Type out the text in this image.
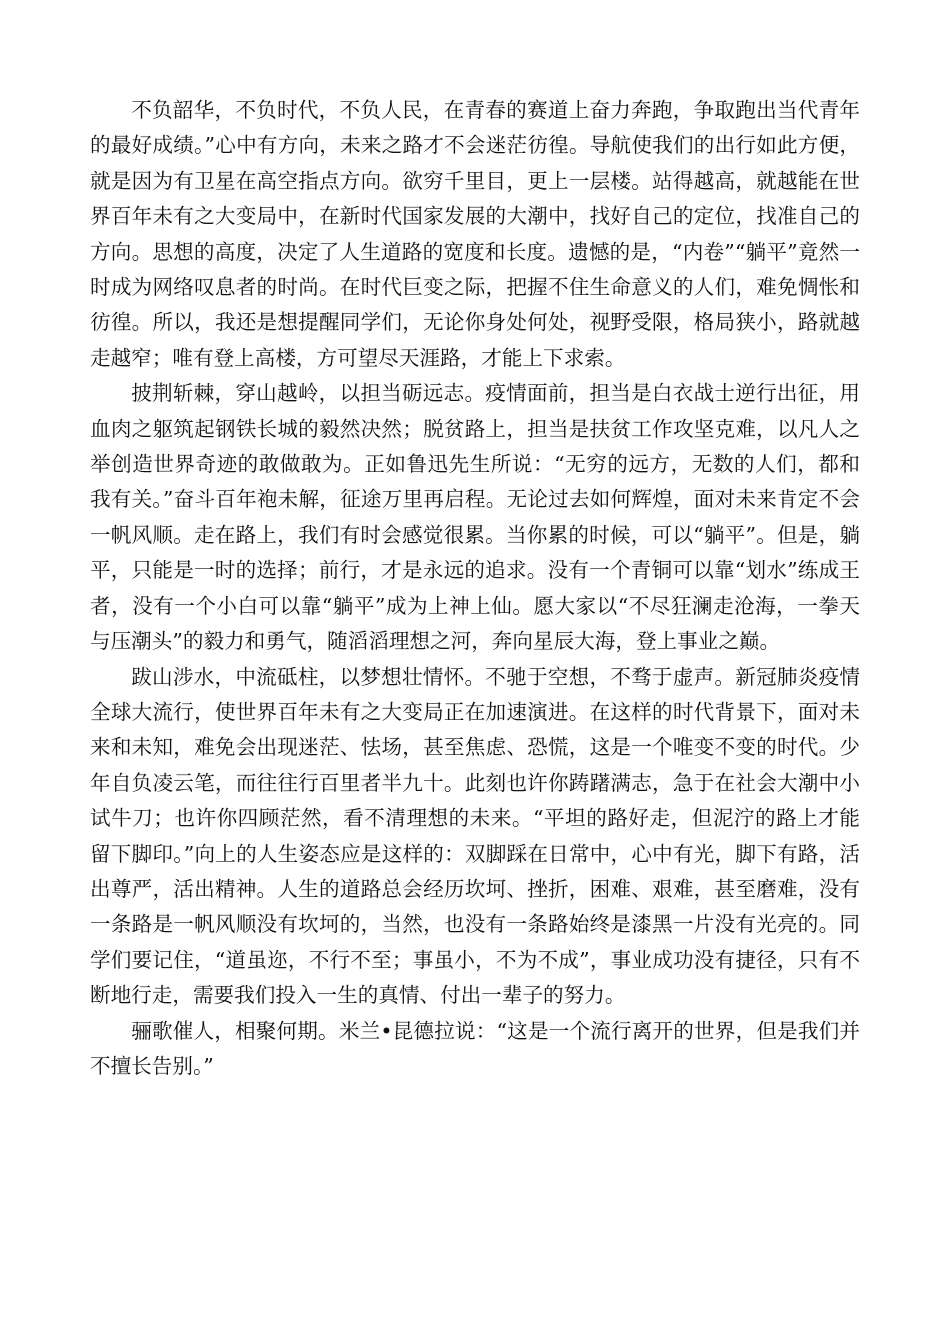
不负韶华，不负时代，不负人民，在青春的赛道上奋力奔跑，争取跑出当代青年的最好成绩。”心中有方向，未来之路才不会迷茫彷徨。导航使我们的出行如此方便，就是因为有卫星在高空指点方向。欲穷千里目，更上一层楼。站得越高，就越能在世界百年未有之大变局中，在新时代国家发展的大潮中，找好自己的定位，找准自己的方向。思想的高度，决定了人生道路的宽度和长度。遗憾的是，“内卷”“躺平”竟然一时成为网络叹息者的时尚。在时代巨变之际，把握不住生命意义的人们，难免惆怅和彷徨。所以，我还是想提醒同学们，无论你身处何处，视野受限，格局狭小，路就越走越窄；唯有登上高楼，方可望尽天涯路，才能上下求索。

披荆斩棘，穿山越岭，以担当砺远志。疫情面前，担当是白衣战士逆行出征，用血肉之躯筑起钢铁长城的毅然决然；脱贫路上，担当是扶贫工作攻坚克难，以凡人之举创造世界奇迹的敢做敢为。正如鲁迅先生所说：“无穷的远方，无数的人们，都和我有关。”奋斗百年袍未解，征途万里再启程。无论过去如何辉煌，面对未来肯定不会一帆风顺。走在路上，我们有时会感觉很累。当你累的时候，可以“躺平”。但是，躺平，只能是一时的选择；前行，才是永远的追求。没有一个青铜可以靠“划水”练成王者，没有一个小白可以靠“躺平”成为上神上仙。愿大家以“不尽狂澜走沧海，一拳天与压潮头”的毅力和勇气，随滔滔理想之河，奔向星辰大海，登上事业之巅。

跋山涉水，中流砥柱，以梦想壮情怀。不驰于空想，不骛于虚声。新冠肺炎疫情全球大流行，使世界百年未有之大变局正在加速演进。在这样的时代背景下，面对未来和未知，难免会出现迷茫、怯场，甚至焦虑、恐慌，这是一个唯变不变的时代。少年自负凌云笔，而往往行百里者半九十。此刻也许你踌躇满志，急于在社会大潮中小试牛刀；也许你四顾茫然，看不清理想的未来。“平坦的路好走，但泥泞的路上才能留下脚印。”向上的人生姿态应是这样的：双脚踩在日常中，心中有光，脚下有路，活出尊严，活出精神。人生的道路总会经历坎坷、挫折，困难、艰难，甚至磨难，没有一条路是一帆风顺没有坎坷的，当然，也没有一条路始终是漆黑一片没有光亮的。同学们要记住，“道虽迩，不行不至；事虽小，不为不成”，事业成功没有捷径，只有不断地行走，需要我们投入一生的真情、付出一辈子的努力。

骊歌催人，相聚何期。米兰•昆德拉说：“这是一个流行离开的世界，但是我们并不擅长告别。”
